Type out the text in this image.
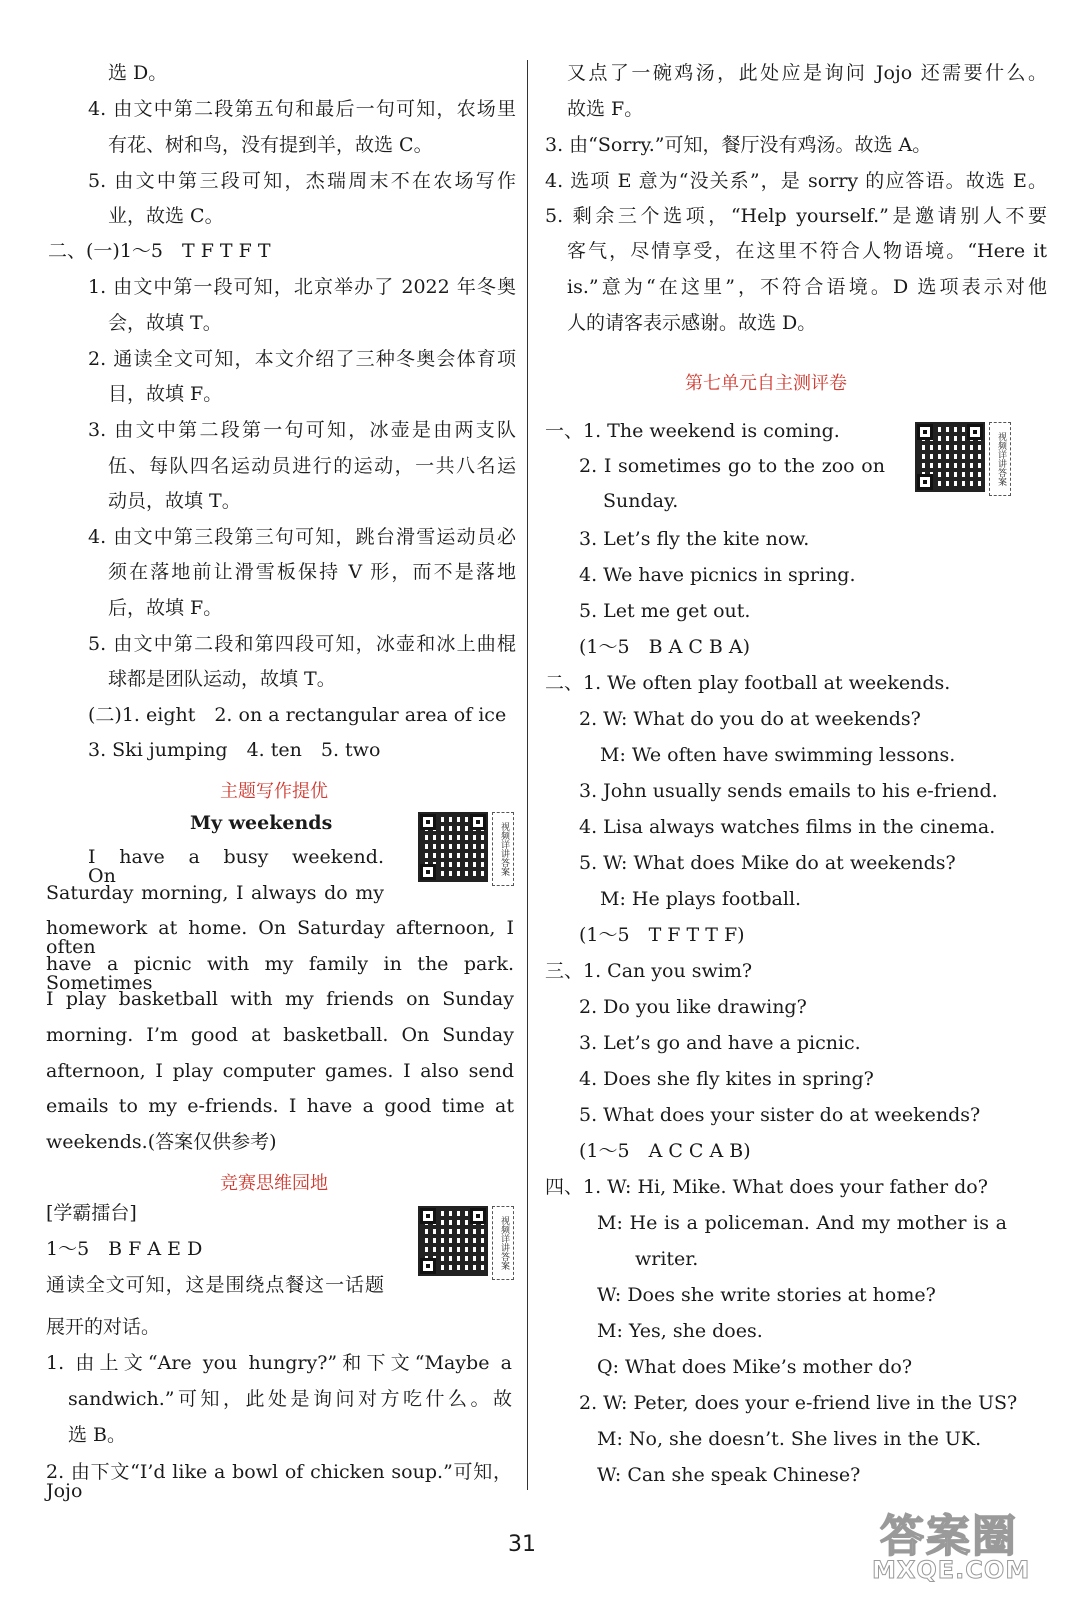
选 D。
4. 由文中第二段第五句和最后一句可知，农场里
有花、树和鸟，没有提到羊，故选 C。
5. 由文中第三段可知，杰瑞周末不在农场写作
业，故选 C。
二、(一)1～5　T F T F T
1. 由文中第一段可知，北京举办了 2022 年冬奥
会，故填 T。
2. 通读全文可知，本文介绍了三种冬奥会体育项
目，故填 F。
3. 由文中第二段第一句可知，冰壶是由两支队
伍、每队四名运动员进行的运动，一共八名运
动员，故填 T。
4. 由文中第三段第三句可知，跳台滑雪运动员必
须在落地前让滑雪板保持 V 形，而不是落地
后，故填 F。
5. 由文中第二段和第四段可知，冰壶和冰上曲棍
球都是团队运动，故填 T。
(二)1. eight　2. on a rectangular area of ice
3. Ski jumping　4. ten　5. two
主题写作提优
My weekends	视频详讲答案
I　have　a　busy　weekend.　On
Saturday morning, I always do my
homework at home. On Saturday afternoon, I often
have a picnic with my family in the park. Sometimes
I play basketball with my friends on Sunday
morning. I’m good at basketball. On Sunday
afternoon, I play computer games. I also send
emails to my e-friends. I have a good time at
weekends.(答案仅供参考)
竞赛思维园地
视频详讲答案
[学霸擂台]
1～5　B F A E D
通读全文可知，这是围绕点餐这一话题
展开的对话。
1. 由上文“Are you hungry?”和下文“Maybe a
sandwich.”可知，此处是询问对方吃什么。故
选 B。
2. 由下文“I’d like a bowl of chicken soup.”可知，Jojo
又点了一碗鸡汤，此处应是询问 Jojo 还需要什么。
故选 F。
3. 由“Sorry.”可知，餐厅没有鸡汤。故选 A。
4. 选项 E 意为“没关系”，是 sorry 的应答语。故选 E。
5. 剩余三个选项，“Help yourself.”是邀请别人不要
客气，尽情享受，在这里不符合人物语境。“Here it
is.”意为“在这里”，不符合语境。D 选项表示对他
人的请客表示感谢。故选 D。
第七单元自主测评卷
视频详讲答案
一、1. The weekend is coming.
2. I sometimes go to the zoo on
Sunday.
3. Let’s fly the kite now.
4. We have picnics in spring.
5. Let me get out.
(1～5　B A C B A)
二、1. We often play football at weekends.
2. W: What do you do at weekends?
M: We often have swimming lessons.
3. John usually sends emails to his e-friend.
4. Lisa always watches films in the cinema.
5. W: What does Mike do at weekends?
M: He plays football.
(1～5　T F T T F)
三、1. Can you swim?
2. Do you like drawing?
3. Let’s go and have a picnic.
4. Does she fly kites in spring?
5. What does your sister do at weekends?
(1～5　A C C A B)
四、1. W: Hi, Mike. What does your father do?
M: He is a policeman. And my mother is a
writer.
W: Does she write stories at home?
M: Yes, she does.
Q: What does Mike’s mother do?
2. W: Peter, does your e-friend live in the US?
M: No, she doesn’t. She lives in the UK.
W: Can she speak Chinese?
31	答案圈
MXQE.COM
